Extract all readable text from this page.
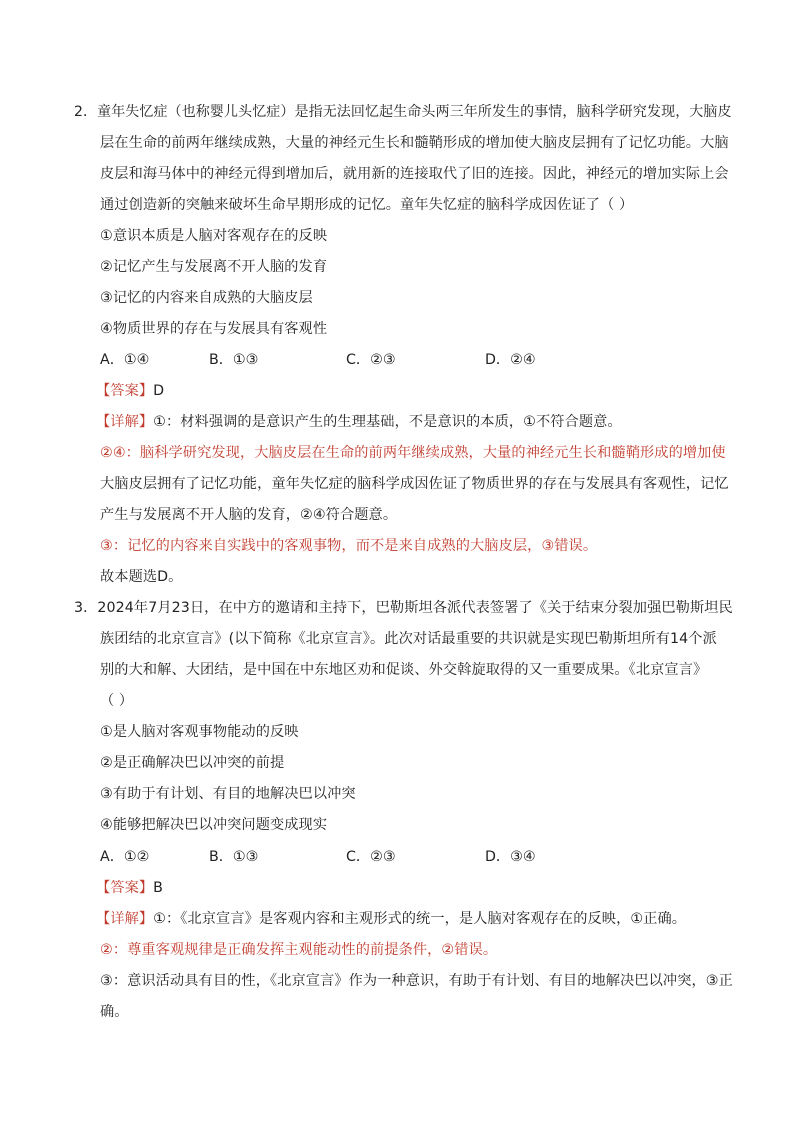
2．童年失忆症（也称婴儿头忆症）是指无法回忆起生命头两三年所发生的事情，脑科学研究发现，大脑皮
层在生命的前两年继续成熟，大量的神经元生长和髓鞘形成的增加使大脑皮层拥有了记忆功能。大脑
皮层和海马体中的神经元得到增加后，就用新的连接取代了旧的连接。因此，神经元的增加实际上会
通过创造新的突触来破坏生命早期形成的记忆。童年失忆症的脑科学成因佐证了（ ）
①意识本质是人脑对客观存在的反映
②记忆产生与发展离不开人脑的发育
③记忆的内容来自成熟的大脑皮层
④物质世界的存在与发展具有客观性
A．①④	B．①③	C．②③	D．②④
【答案】D
【详解】①：材料强调的是意识产生的生理基础，不是意识的本质，①不符合题意。
②④：脑科学研究发现，大脑皮层在生命的前两年继续成熟，大量的神经元生长和髓鞘形成的增加使
大脑皮层拥有了记忆功能，童年失忆症的脑科学成因佐证了物质世界的存在与发展具有客观性，记忆
产生与发展离不开人脑的发育，②④符合题意。
③：记忆的内容来自实践中的客观事物，而不是来自成熟的大脑皮层，③错误。
故本题选D。
3．2024年7月23日，在中方的邀请和主持下，巴勒斯坦各派代表签署了《关于结束分裂加强巴勒斯坦民
族团结的北京宣言》(以下简称《北京宣言》。此次对话最重要的共识就是实现巴勒斯坦所有14个派
别的大和解、大团结，是中国在中东地区劝和促谈、外交斡旋取得的又一重要成果。《北京宣言》
（ ）
①是人脑对客观事物能动的反映
②是正确解决巴以冲突的前提
③有助于有计划、有目的地解决巴以冲突
④能够把解决巴以冲突问题变成现实
A．①②	B．①③	C．②③	D．③④
【答案】B
【详解】①：《北京宣言》是客观内容和主观形式的统一，是人脑对客观存在的反映，①正确。
②：尊重客观规律是正确发挥主观能动性的前提条件，②错误。
③：意识活动具有目的性，《北京宣言》作为一种意识，有助于有计划、有目的地解决巴以冲突，③正
确。
